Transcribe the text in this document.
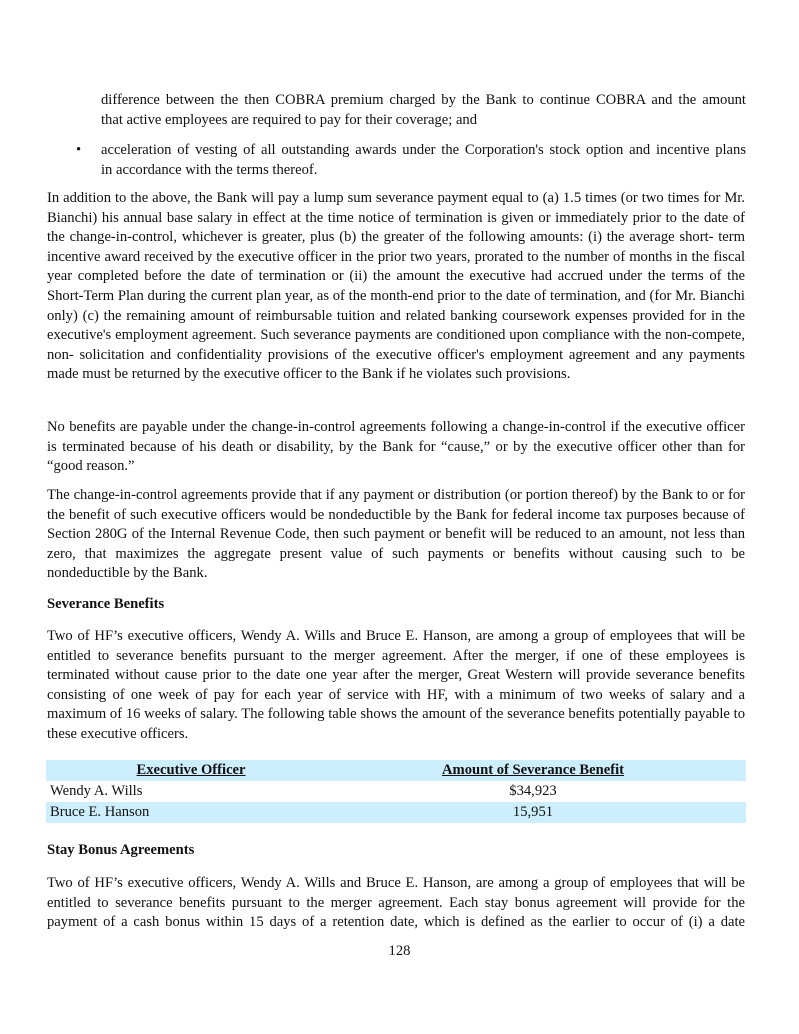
difference between the then COBRA premium charged by the Bank to continue COBRA and the amount

that active employees are required to pay for their coverage; and

• acceleration of vesting of all outstanding awards under the Corporation's stock option and incentive plans

in accordance with the terms thereof.

In addition to the above, the Bank will pay a lump sum severance payment equal to (a) 1.5 times (or two times for Mr. Bianchi) his annual base salary in effect at the time notice of termination is given or immediately prior to the date of the change-in-control, whichever is greater, plus (b) the greater of the following amounts: (i) the average short- term incentive award received by the executive officer in the prior two years, prorated to the number of months in the fiscal year completed before the date of termination or (ii) the amount the executive had accrued under the terms of the Short-Term Plan during the current plan year, as of the month-end prior to the date of termination, and (for Mr. Bianchi only) (c) the remaining amount of reimbursable tuition and related banking coursework expenses provided for in the executive's employment agreement. Such severance payments are conditioned upon compliance with the non-compete, non- solicitation and confidentiality provisions of the executive officer's employment agreement and any payments made must be returned by the executive officer to the Bank if he violates such provisions.

No benefits are payable under the change-in-control agreements following a change-in-control if the executive officer is terminated because of his death or disability, by the Bank for “cause,” or by the executive officer other than for “good reason.”

The change-in-control agreements provide that if any payment or distribution (or portion thereof) by the Bank to or for the benefit of such executive officers would be nondeductible by the Bank for federal income tax purposes because of Section 280G of the Internal Revenue Code, then such payment or benefit will be reduced to an amount, not less than zero, that maximizes the aggregate present value of such payments or benefits without causing such to be nondeductible by the Bank.

Severance Benefits

Two of HF’s executive officers, Wendy A. Wills and Bruce E. Hanson, are among a group of employees that will be entitled to severance benefits pursuant to the merger agreement. After the merger, if one of these employees is terminated without cause prior to the date one year after the merger, Great Western will provide severance benefits consisting of one week of pay for each year of service with HF, with a minimum of two weeks of salary and a maximum of 16 weeks of salary. The following table shows the amount of the severance benefits potentially payable to these executive officers.

Executive Officer	Amount of Severance Benefit
Wendy A. Wills	$34,923
Bruce E. Hanson	15,951

Stay Bonus Agreements

Two of HF’s executive officers, Wendy A. Wills and Bruce E. Hanson, are among a group of employees that will be entitled to severance benefits pursuant to the merger agreement. Each stay bonus agreement will provide for the payment of a cash bonus within 15 days of a retention date, which is defined as the earlier to occur of (i) a date

128
